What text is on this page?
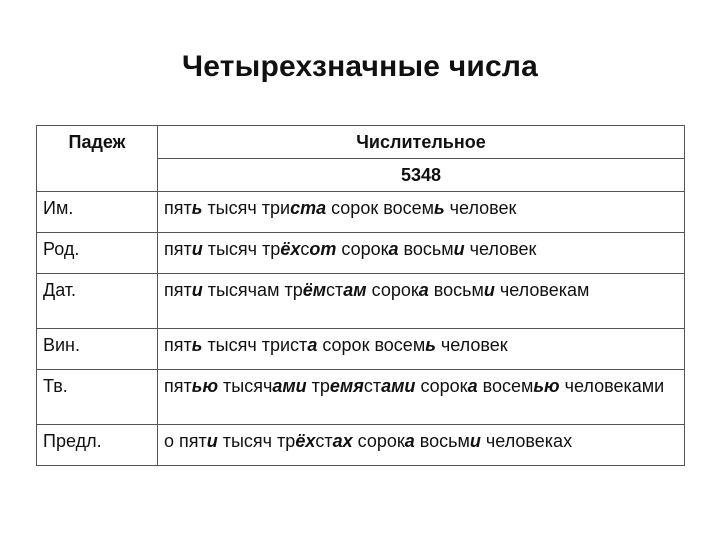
Четырехзначные числа
Падеж	Числительное
	5348
Им.	пять тысяч триста сорок восемь человек
Род.	пяти тысяч трёхсот сорока восьми человек
Дат.	пяти тысячам трёмстам сорока восьми человекам
Вин.	пять тысяч триста сорок восемь человек
Тв.	пятью тысячами тремястами сорока восемью человеками
Предл.	о пяти тысяч трёхстах сорока восьми человеках
